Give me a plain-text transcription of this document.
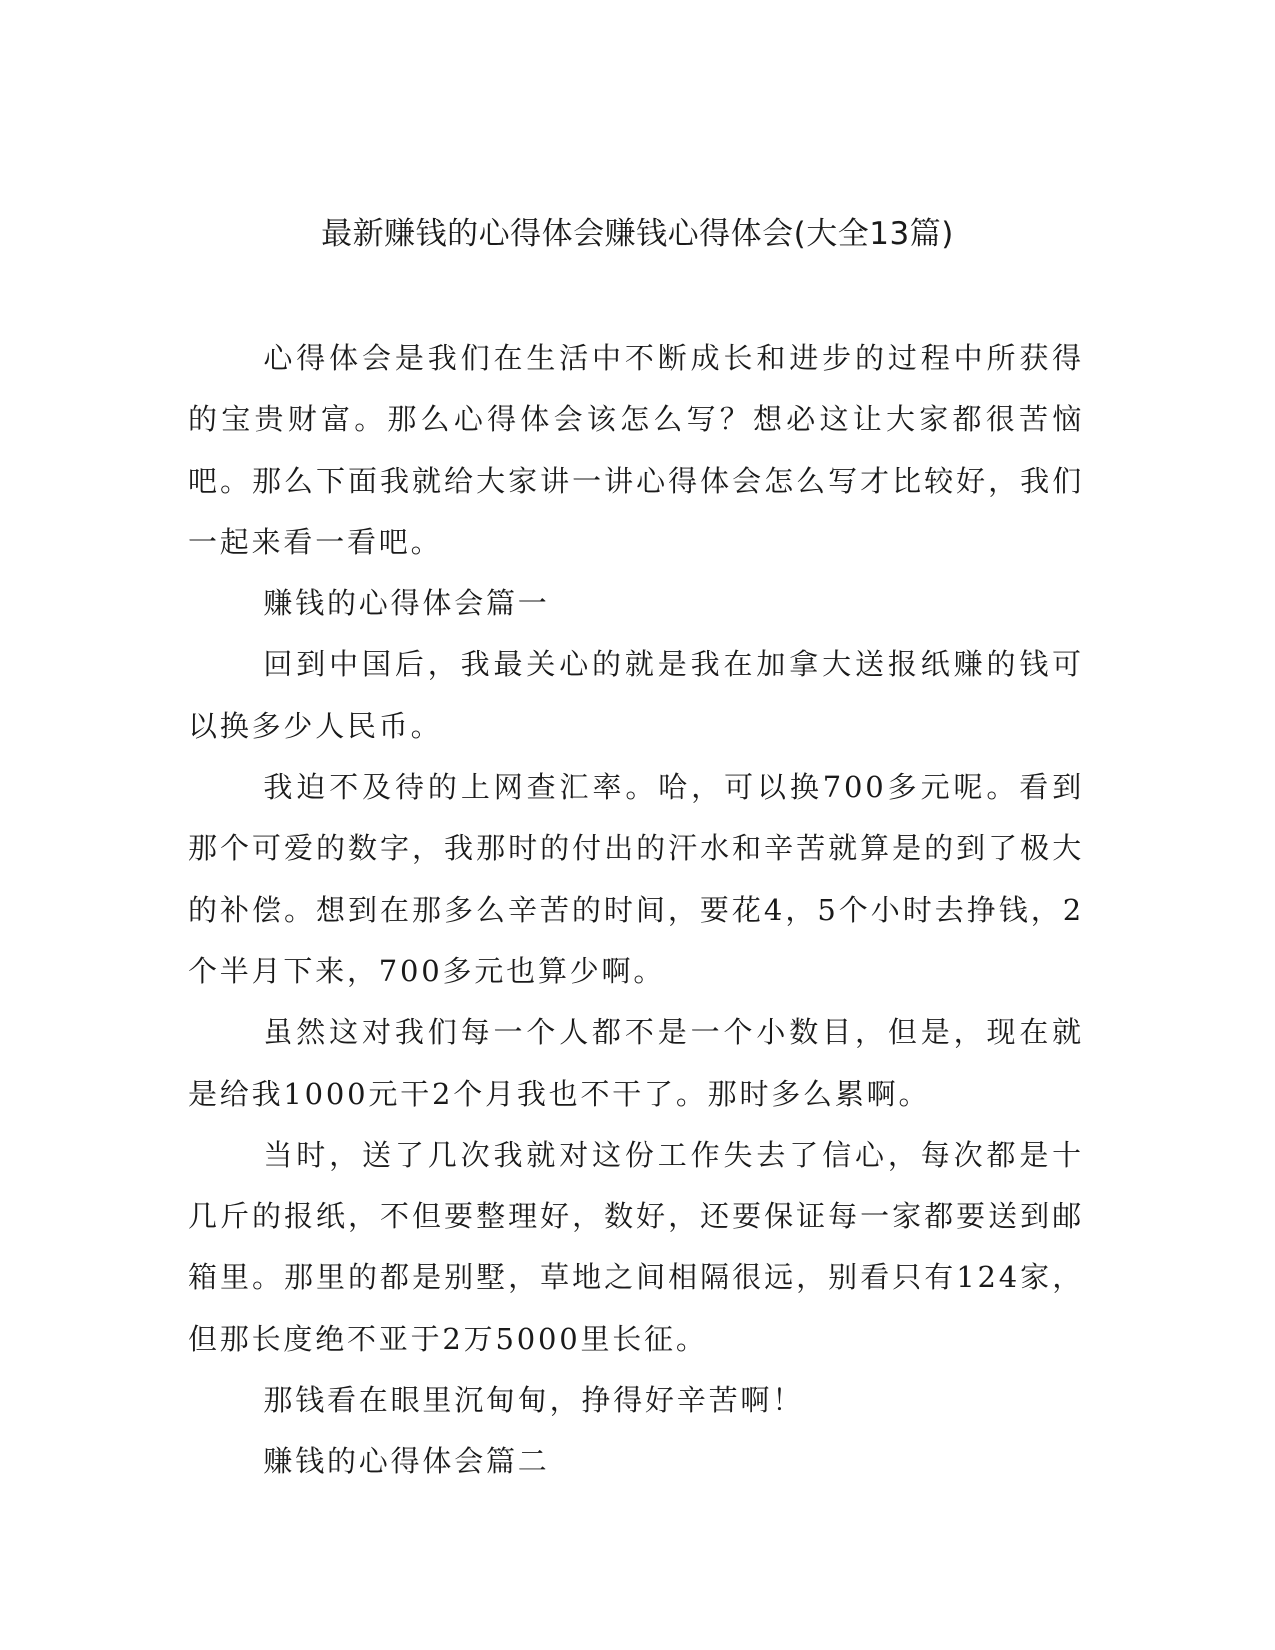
最新赚钱的心得体会赚钱心得体会(大全13篇)

心得体会是我们在生活中不断成长和进步的过程中所获得的宝贵财富。那么心得体会该怎么写？想必这让大家都很苦恼吧。那么下面我就给大家讲一讲心得体会怎么写才比较好，我们一起来看一看吧。

赚钱的心得体会篇一

回到中国后，我最关心的就是我在加拿大送报纸赚的钱可以换多少人民币。

我迫不及待的上网查汇率。哈，可以换700多元呢。看到那个可爱的数字，我那时的付出的汗水和辛苦就算是的到了极大的补偿。想到在那多么辛苦的时间，要花4，5个小时去挣钱，2个半月下来，700多元也算少啊。

虽然这对我们每一个人都不是一个小数目，但是，现在就是给我1000元干2个月我也不干了。那时多么累啊。

当时，送了几次我就对这份工作失去了信心，每次都是十几斤的报纸，不但要整理好，数好，还要保证每一家都要送到邮箱里。那里的都是别墅，草地之间相隔很远，别看只有124家，但那长度绝不亚于2万5000里长征。

那钱看在眼里沉甸甸，挣得好辛苦啊！

赚钱的心得体会篇二
